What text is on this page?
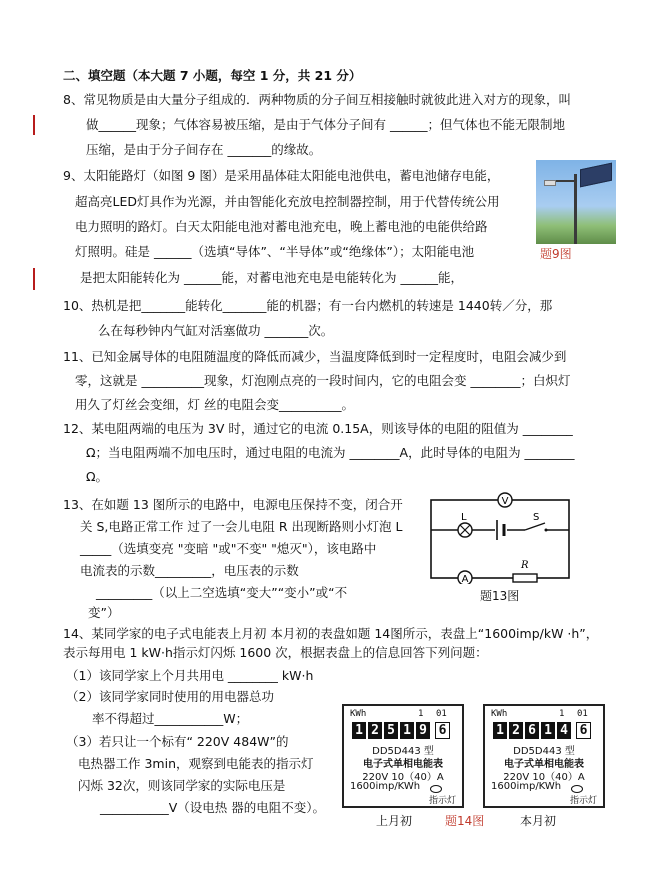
二、填空题（本大题 7 小题，每空 1 分，共 21 分）
8、常见物质是由大量分子组成的．两种物质的分子间互相接触时就彼此进入对方的现象，叫
做______现象；气体容易被压缩，是由于气体分子间有 ______；但气体也不能无限制地
压缩，是由于分子间存在 _______的缘故。
9、太阳能路灯（如图 9 图）是采用晶体硅太阳能电池供电，蓄电池储存电能，
超高亮LED灯具作为光源，并由智能化充放电控制器控制，用于代替传统公用
电力照明的路灯。白天太阳能电池对蓄电池充电，晚上蓄电池的电能供给路
灯照明。硅是 ______（选填“导体”、“半导体”或“绝缘体”）；太阳能电池
是把太阳能转化为 ______能，对蓄电池充电是电能转化为 ______能，
题9图
10、热机是把_______能转化_______能的机器；有一台内燃机的转速是 1440转／分，那
么在每秒钟内气缸对活塞做功 _______次。
11、已知金属导体的电阻随温度的降低而减少，当温度降低到时一定程度时，电阻会减少到
零，这就是 __________现象，灯泡刚点亮的一段时间内，它的电阻会变 ________；白炽灯
用久了灯丝会变细，灯 丝的电阻会变__________。
12、某电阻两端的电压为 3V 时，通过它的电流 0.15A，则该导体的电阻的阻值为 ________
Ω；当电阻两端不加电压时，通过电阻的电流为 ________A，此时导体的电阻为 ________
Ω。
13、在如题 13 图所示的电路中，电源电压保持不变，闭合开
关 S,电路正常工作 过了一会儿电阻 R 出现断路则小灯泡 L
_____（选填变亮 "变暗 "或"不变" "熄灭"），该电路中
电流表的示数_________，电压表的示数
_________（以上二空选填“变大”“变小”或“不
变”）
V
L	S
A
R
题13图
14、某同学家的电子式电能表上月初 本月初的表盘如题 14图所示，表盘上“1600imp/kW ·h”，
表示每用电 1 kW·h指示灯闪烁 1600 次，根据表盘上的信息回答下列问题：
（1）该同学家上个月共用电 ________ kW·h
（2）该同学家同时使用的用电器总功
率不得超过___________W；
（3）若只让一个标有“ 220V 484W”的
电热器工作 3min，观察到电能表的指示灯
闪烁 32次，则该同学家的实际电压是
___________V（设电热 器的电阻不变）。
KWh	1 01
1 2 5 1 9 6
DD5D443 型
电子式单相电能表
220V 10（40）A
1600imp/KWh
指示灯
上月初
KWh	1 01
1 2 6 1 4 6
DD5D443 型
电子式单相电能表
220V 10（40）A
1600imp/KWh
指示灯
本月初
题14图
